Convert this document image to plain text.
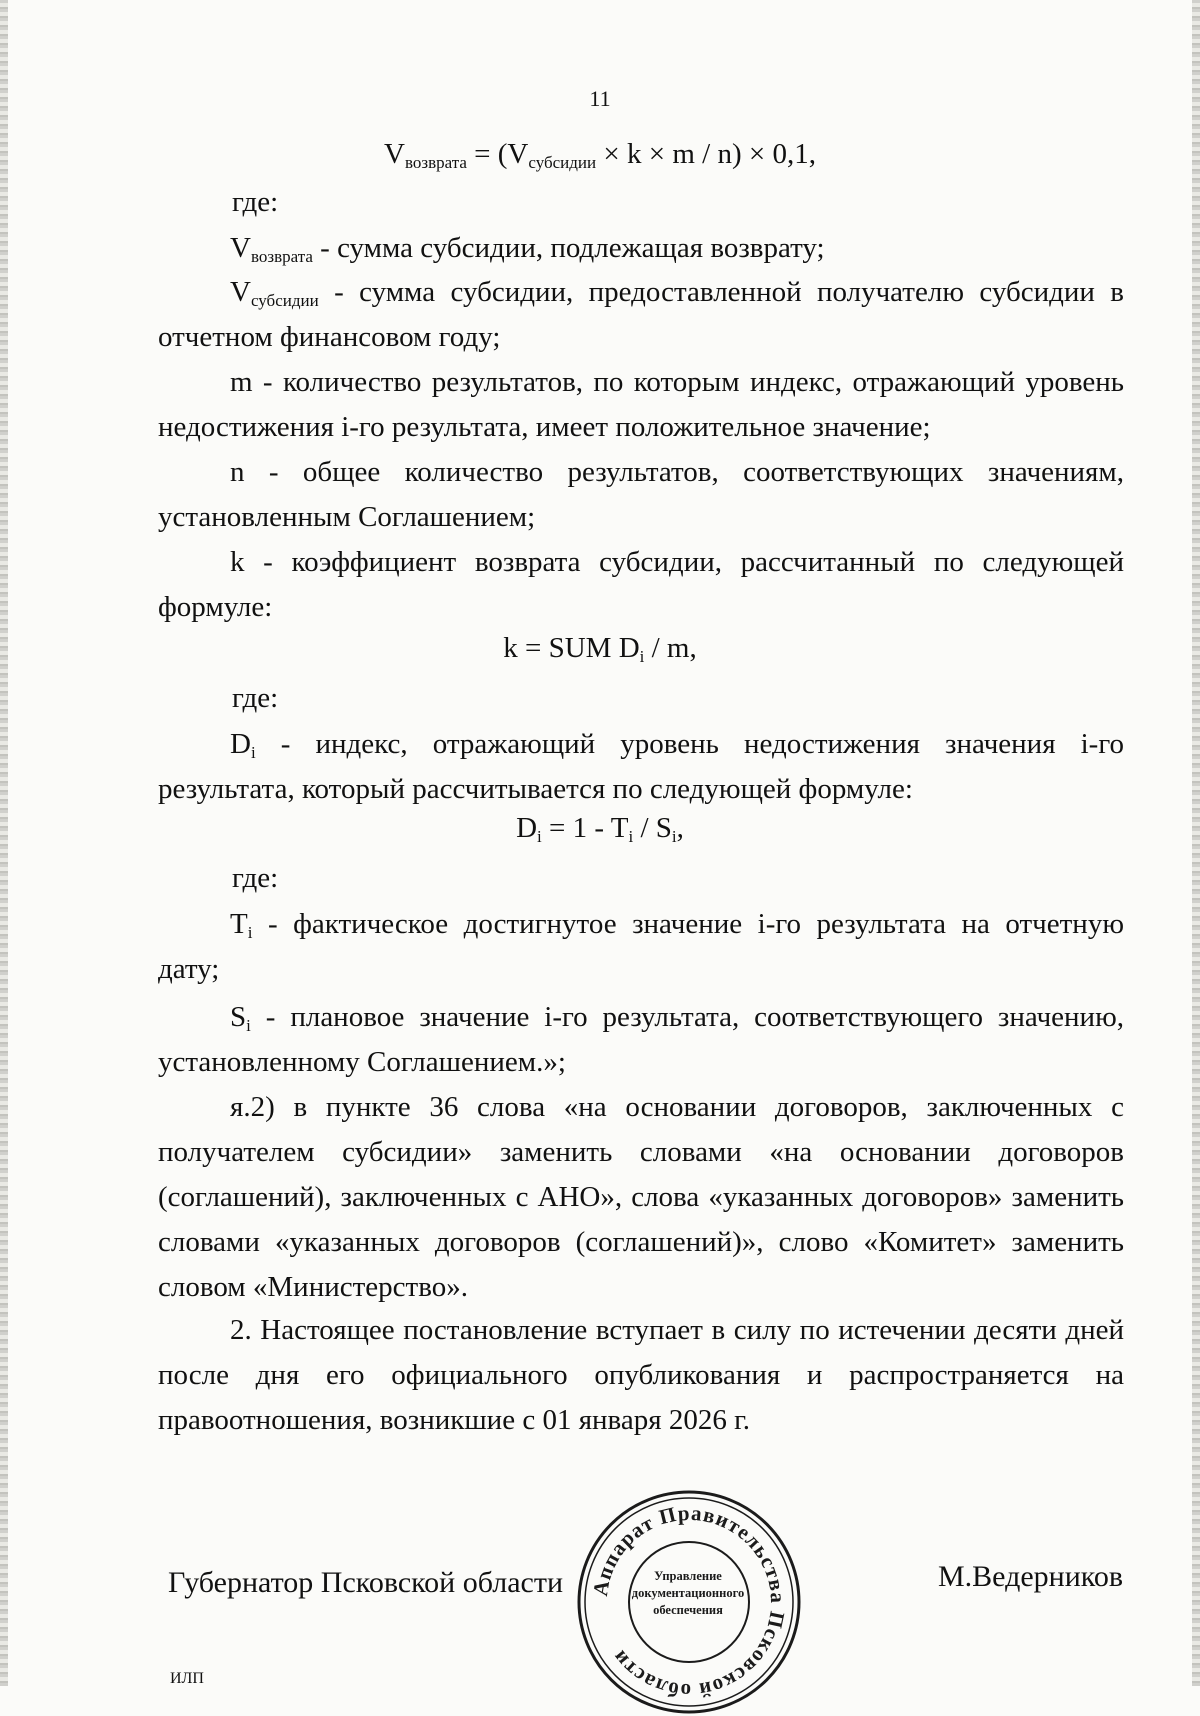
11
$V_{возврата} = (V_{субсидии} \times k \times m / n) \times 0,1$,
где:

$V_{возврата}$ - сумма субсидии, подлежащая возврату;

$V_{субсидии}$ - сумма субсидии, предоставленной получателю субсидии в отчетном финансовом году;

m - количество результатов, по которым индекс, отражающий уровень недостижения i-го результата, имеет положительное значение;

n - общее количество результатов, соответствующих значениям, установленным Соглашением;

k - коэффициент возврата субсидии, рассчитанный по следующей формуле:

k = SUM $D_i$ / m,
где:

$D_i$ - индекс, отражающий уровень недостижения значения i-го результата, который рассчитывается по следующей формуле:

$D_i = 1 - T_i / S_i$,
где:

$T_i$ - фактическое достигнутое значение i-го результата на отчетную дату;

$S_i$ - плановое значение i-го результата, соответствующего значению, установленному Соглашением.»;

я.2) в пункте 36 слова «на основании договоров, заключенных с получателем субсидии» заменить словами «на основании договоров (соглашений), заключенных с АНО», слова «указанных договоров» заменить словами «указанных договоров (соглашений)», слово «Комитет» заменить словом «Министерство».

2. Настоящее постановление вступает в силу по истечении десяти дней после дня его официального опубликования и распространяется на правоотношения, возникшие с 01 января 2026 г.

Губернатор Псковской области	М.Ведерников
Аппарат Правительства Псковской области
Управление
документационного
обеспечения
ИЛП
